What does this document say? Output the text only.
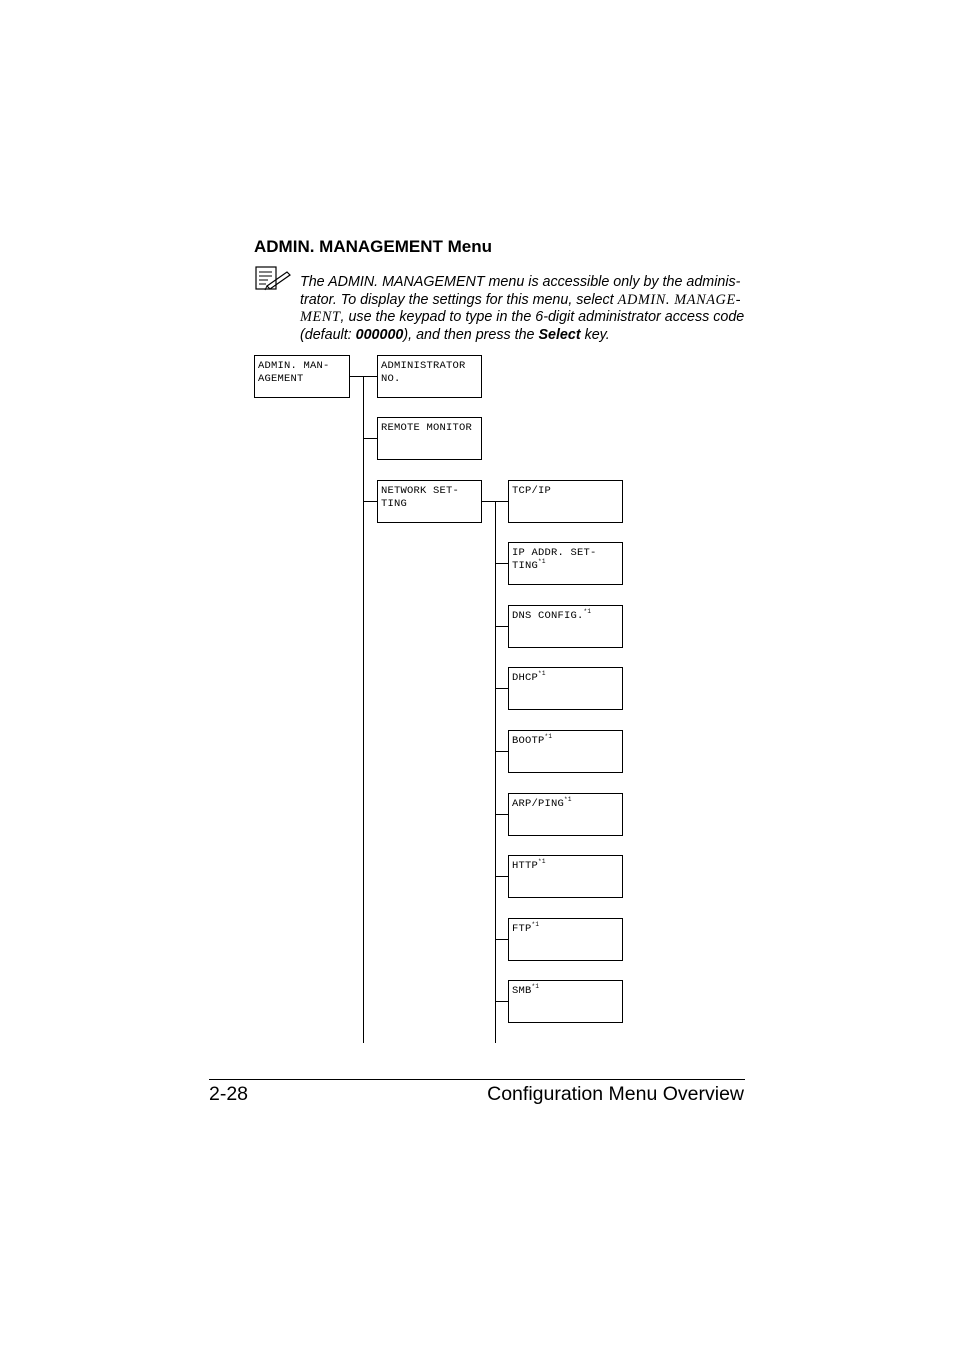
ADMIN. MANAGEMENT Menu
The ADMIN. MANAGEMENT menu is accessible only by the adminis-trator. To display the settings for this menu, select ADMIN. MANAGE-MENT, use the keypad to type in the 6-digit administrator access code (default: 000000), and then press the Select key.
ADMIN. MAN-
AGEMENT
ADMINISTRATOR
NO.
REMOTE MONITOR

NETWORK SET-
TING
TCP/IP

IP ADDR. SET-
TING$^{*1}$
DNS CONFIG.$^{*1}$

DHCP$^{*1}$

BOOTP$^{*1}$

ARP/PING$^{*1}$

HTTP$^{*1}$

FTP$^{*1}$

SMB$^{*1}$

2-28	Configuration Menu Overview
